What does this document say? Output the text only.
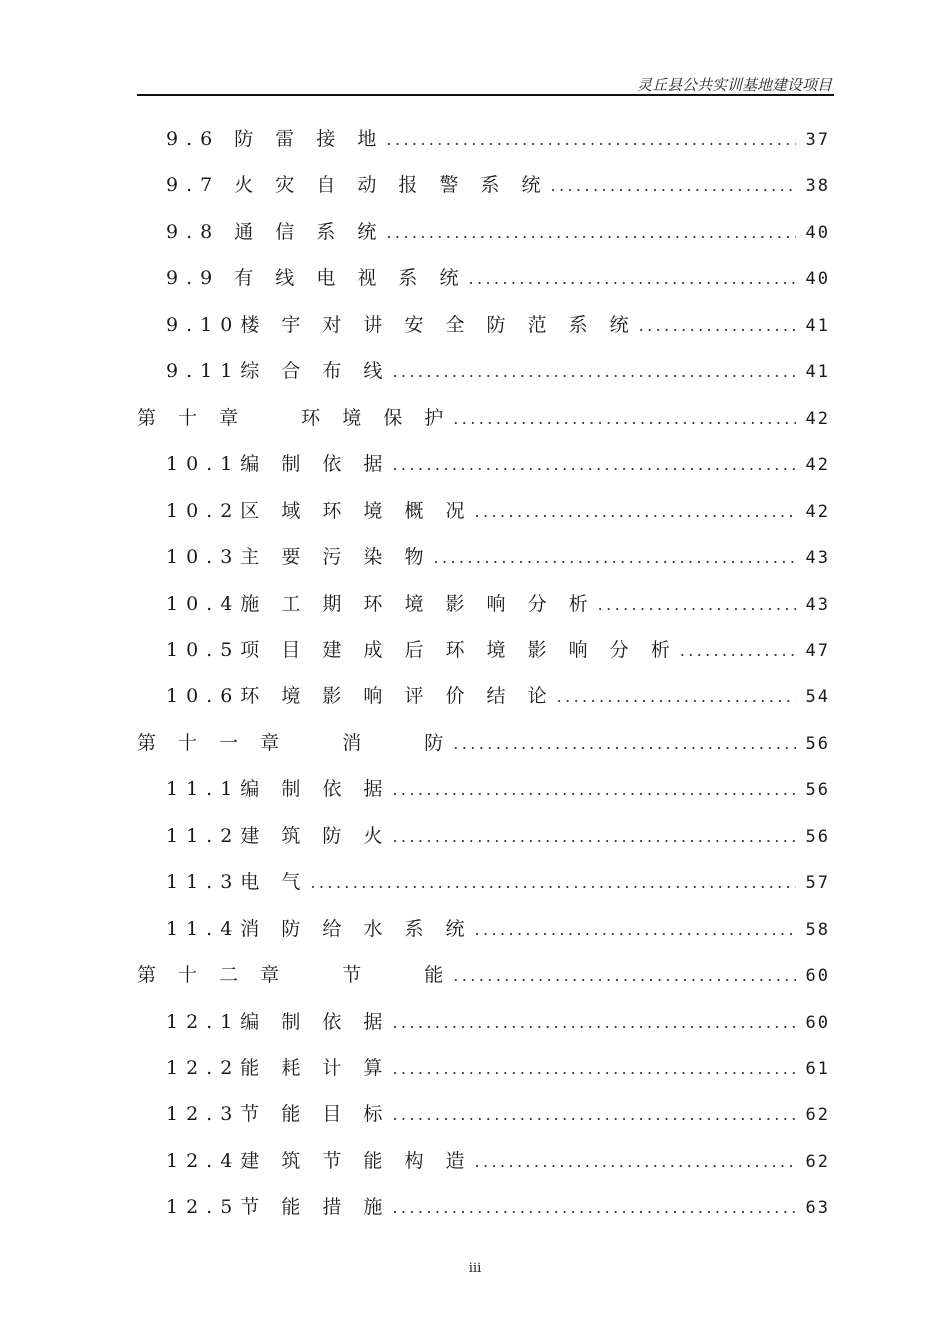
灵丘县公共实训基地建设项目
9.6 防 雷 接 地 .....	37
9.7 火 灾 自 动 报 警 系 统 .....	38
9.8 通 信 系 统 .....	40
9.9 有 线 电 视 系 统 .....	40
9.10楼 宇 对 讲 安 全 防 范 系 统 .....	41
9.11综 合 布 线 .....	41
第 十 章 　 环 境 保 护 .....	42
10.1编 制 依 据 .....	42
10.2区 域 环 境 概 况 .....	42
10.3主 要 污 染 物 .....	43
10.4施 工 期 环 境 影 响 分 析 .....	43
10.5项 目 建 成 后 环 境 影 响 分 析 .....	47
10.6环 境 影 响 评 价 结 论 .....	54
第 十 一 章 　 消 　 防 .....	56
11.1编 制 依 据 .....	56
11.2建 筑 防 火 .....	56
11.3电 气 .....	57
11.4消 防 给 水 系 统 .....	58
第 十 二 章 　 节 　 能 .....	60
12.1编 制 依 据 .....	60
12.2能 耗 计 算 .....	61
12.3节 能 目 标 .....	62
12.4建 筑 节 能 构 造 .....	62
12.5节 能 措 施 .....	63
iii
